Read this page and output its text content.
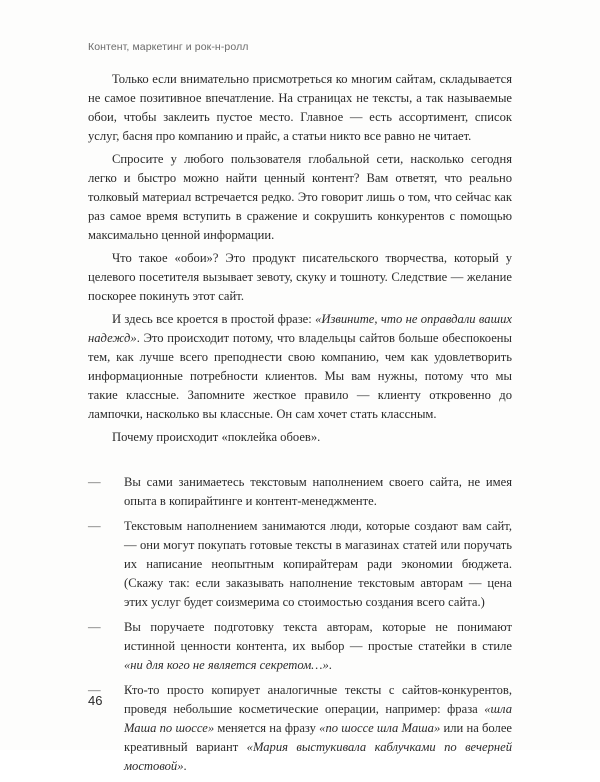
Контент, маркетинг и рок-н-ролл

Только если внимательно присмотреться ко многим сайтам, складывается не самое позитивное впечатление. На страницах не тексты, а так называемые обои, чтобы заклеить пустое место. Главное — есть ассортимент, список услуг, басня про компанию и прайс, а статьи никто все равно не читает.

Спросите у любого пользователя глобальной сети, насколько сегодня легко и быстро можно найти ценный контент? Вам ответят, что реально толковый материал встречается редко. Это говорит лишь о том, что сейчас как раз самое время вступить в сражение и сокрушить конкурентов с помощью максимально ценной информации.

Что такое «обои»? Это продукт писательского творчества, который у целевого посетителя вызывает зевоту, скуку и тошноту. Следствие — желание поскорее покинуть этот сайт.

И здесь все кроется в простой фразе: «Извините, что не оправдали ваших надежд». Это происходит потому, что владельцы сайтов больше обеспокоены тем, как лучше всего преподнести свою компанию, чем как удовлетворить информационные потребности клиентов. Мы вам нужны, потому что мы такие классные. Запомните жесткое правило — клиенту откровенно до лампочки, насколько вы классные. Он сам хочет стать классным.

Почему происходит «поклейка обоев».

—	Вы сами занимаетесь текстовым наполнением своего сайта, не имея опыта в копирайтинге и контент-менеджменте.
—	Текстовым наполнением занимаются люди, которые создают вам сайт, — они могут покупать готовые тексты в магазинах статей или поручать их написание неопытным копирайтерам ради экономии бюджета. (Скажу так: если заказывать наполнение текстовым авторам — цена этих услуг будет соизмерима со стоимостью создания всего сайта.)
—	Вы поручаете подготовку текста авторам, которые не понимают истинной ценности контента, их выбор — простые статейки в стиле «ни для кого не является секретом…».
—	Кто-то просто копирует аналогичные тексты с сайтов-конкурентов, проведя небольшие косметические операции, например: фраза «шла Маша по шоссе» меняется на фразу «по шоссе шла Маша» или на более креативный вариант «Мария выстукивала каблучками по вечерней мостовой».
46
